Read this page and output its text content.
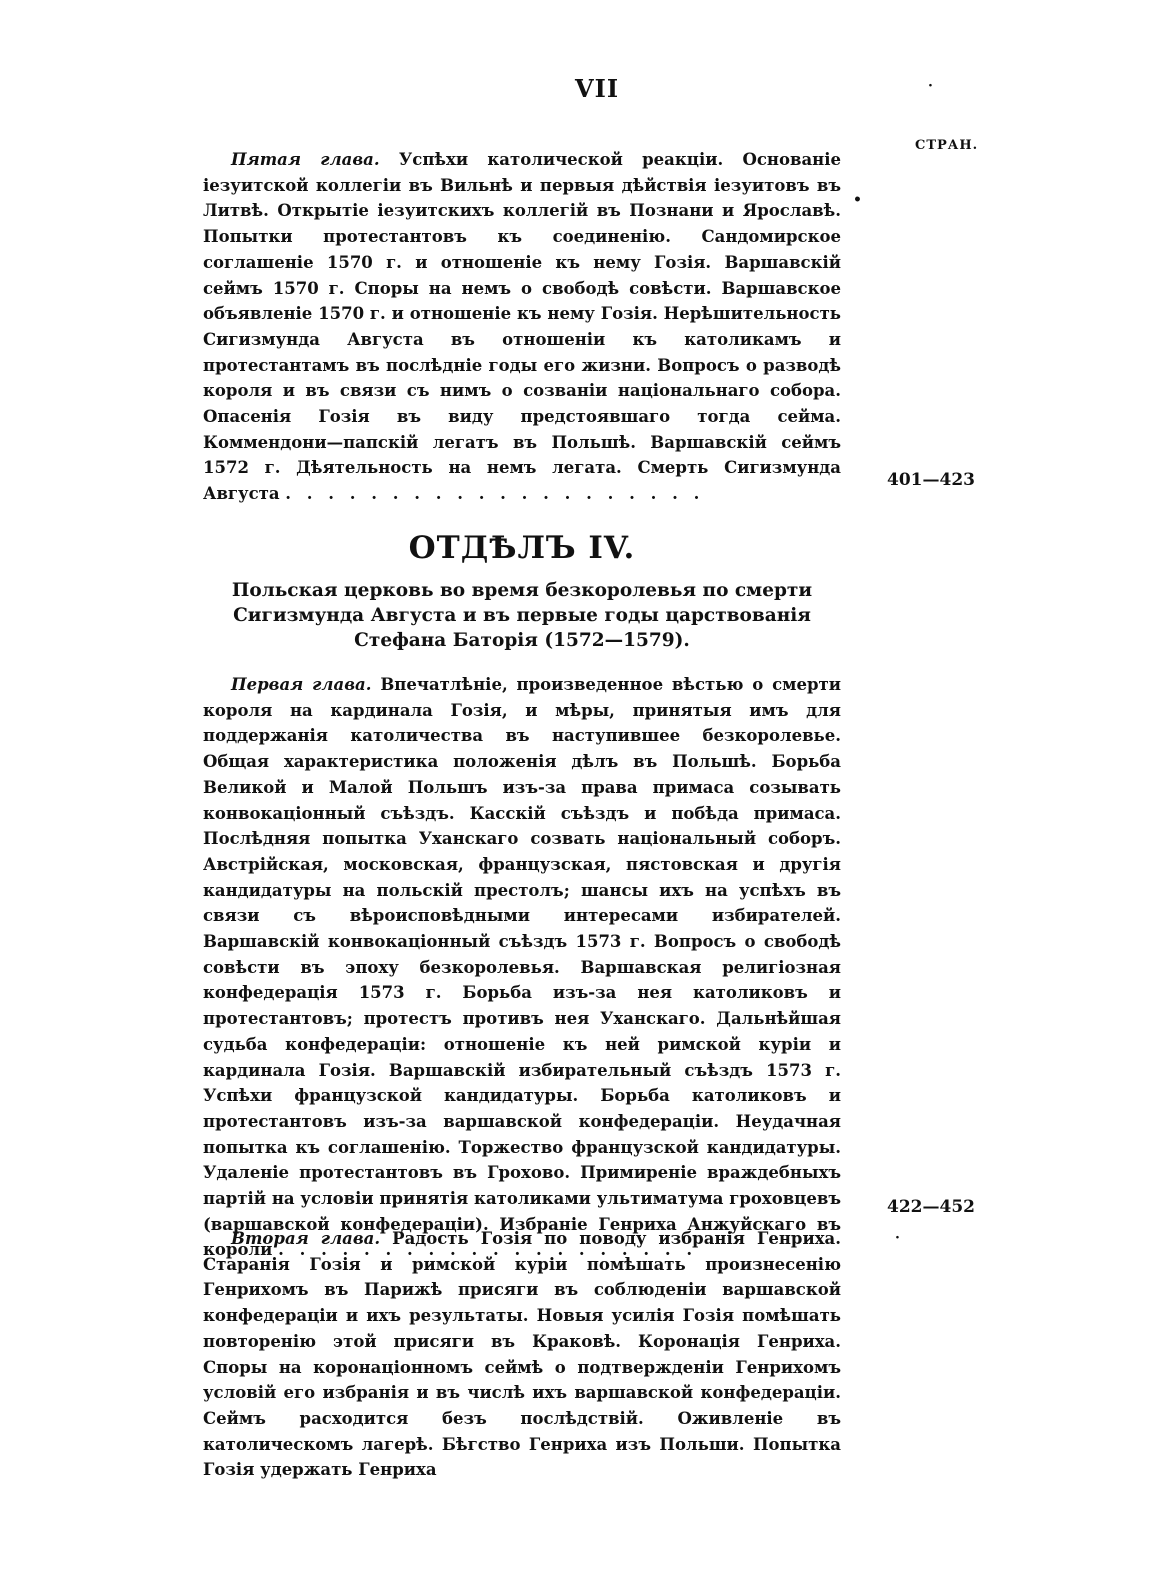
VII
СТРАН.

Пятая глава. Успѣхи католической реакціи. Основаніе іезуитской коллегіи въ Вильнѣ и первыя дѣйствія іезуитовъ въ Литвѣ. Открытіе іезуитскихъ коллегій въ Познани и Ярославѣ. Попытки протестантовъ къ соединенію. Сандомирское соглашеніе 1570 г. и отношеніе къ нему Гозія. Варшавскій сеймъ 1570 г. Споры на немъ о свободѣ совѣсти. Варшавское объявленіе 1570 г. и отношеніе къ нему Гозія. Нерѣшительность Сигизмунда Августа въ отношеніи къ католикамъ и протестантамъ въ послѣдніе годы его жизни. Вопросъ о разводѣ короля и въ связи съ нимъ о созваніи національнаго собора. Опасенія Гозія въ виду предстоявшаго тогда сейма. Коммендони—папскій легатъ въ Польшѣ. Варшавскій сеймъ 1572 г. Дѣятельность на немъ легата. Смерть Сигизмунда Августа . . . . . . . . . . . . . . . . . . . .

401—423
ОТДѢЛЪ IV.
Польская церковь во время безкоролевья по смерти Сигизмунда Августа и въ первые годы царствованія Стефана Баторія (1572—1579).

Первая глава. Впечатлѣніе, произведенное вѣстью о смерти короля на кардинала Гозія, и мѣры, принятыя имъ для поддержанія католичества въ наступившее безкоролевье. Общая характеристика положенія дѣлъ въ Польшѣ. Борьба Великой и Малой Польшъ изъ-за права примаса созывать конвокаціонный съѣздъ. Касскій съѣздъ и побѣда примаса. Послѣдняя попытка Уханскаго созвать національный соборъ. Австрійская, московская, французская, пястовская и другія кандидатуры на польскій престолъ; шансы ихъ на успѣхъ въ связи съ вѣроисповѣдными интересами избирателей. Варшавскій конвокаціонный съѣздъ 1573 г. Вопросъ о свободѣ совѣсти въ эпоху безкоролевья. Варшавская религіозная конфедерація 1573 г. Борьба изъ-за нея католиковъ и протестантовъ; протестъ противъ нея Уханскаго. Дальнѣйшая судьба конфедераціи: отношеніе къ ней римской куріи и кардинала Гозія. Варшавскій избирательный съѣздъ 1573 г. Успѣхи французской кандидатуры. Борьба католиковъ и протестантовъ изъ-за варшавской конфедераціи. Неудачная попытка къ соглашенію. Торжество французской кандидатуры. Удаленіе протестантовъ въ Грохово. Примиреніе враждебныхъ партій на условіи принятія католиками ультиматума гроховцевъ (варшавской конфедераціи). Избраніе Генриха Анжуйскаго въ короли . . . . . . . . . . . . . . . . . . . .

422—452

Вторая глава. Радость Гозія по поводу избранія Генриха. Старанія Гозія и римской куріи помѣшать произнесенію Генрихомъ въ Парижѣ присяги въ соблюденіи варшавской конфедераціи и ихъ результаты. Новыя усилія Гозія помѣшать повторенію этой присяги въ Краковѣ. Коронація Генриха. Споры на коронаціонномъ сеймѣ о подтвержденіи Генрихомъ условій его избранія и въ числѣ ихъ варшавской конфедераціи. Сеймъ расходится безъ послѣдствій. Оживленіе въ католическомъ лагерѣ. Бѣгство Генриха изъ Польши. Попытка Гозія удержать Генриха

·
•
·
